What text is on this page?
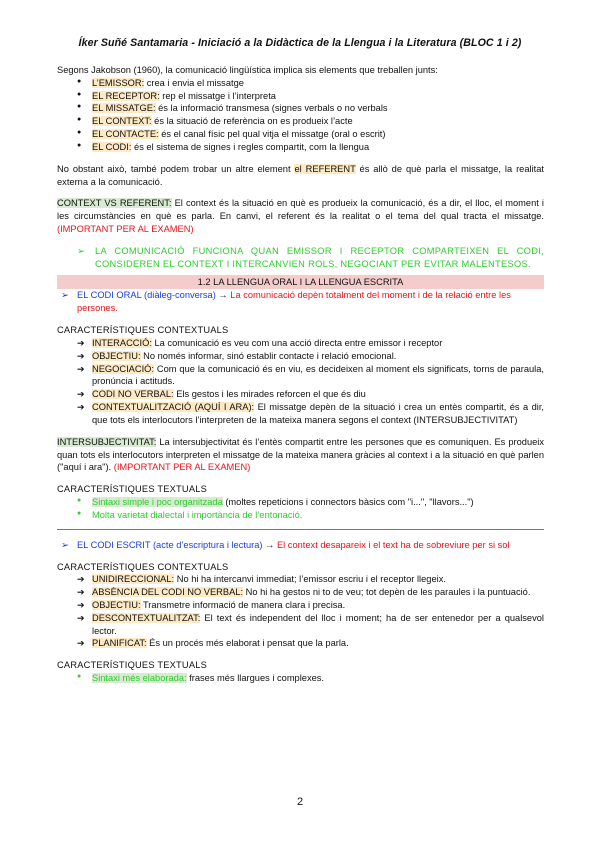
Íker Suñé Santamaria - Iniciació a la Didàctica de la Llengua i la Literatura (BLOC 1 i 2)

Segons Jakobson (1960), la comunicació lingüística implica sis elements que treballen junts:

● L’EMISSOR: crea i envia el missatge
● EL RECEPTOR: rep el missatge i l’interpreta
● EL MISSATGE: és la informació transmesa (signes verbals o no verbals
● EL CONTEXT: és la situació de referència on es produeix l’acte
● EL CONTACTE: és el canal físic pel qual vitja el missatge (oral o escrit)
● EL CODI: és el sistema de signes i regles compartit, com la llengua

No obstant això, també podem trobar un altre element el REFERENT és allò de què parla el missatge, la realitat externa a la comunicació.

CONTEXT VS REFERENT: El context és la situació en què es produeix la comunicació, és a dir, el lloc, el moment i les circumstàncies en què es parla. En canvi, el referent és la realitat o el tema del qual tracta el missatge. (IMPORTANT PER AL EXAMEN)

➢ LA COMUNICACIÓ FUNCIONA QUAN EMISSOR I RECEPTOR COMPARTEIXEN EL CODI, CONSIDEREN EL CONTEXT I INTERCANVIEN ROLS, NEGOCIANT PER EVITAR MALENTESOS.
1.2 LA LLENGUA ORAL I LA LLENGUA ESCRITA
➢ EL CODI ORAL (diàleg-conversa) → La comunicació depèn totalment del moment i de la relació entre les persones.

CARACTERÍSTIQUES CONTEXTUALS

➔ INTERACCIÓ: La comunicació es veu com una acció directa entre emissor i receptor
➔ OBJECTIU: No només informar, sinó establir contacte i relació emocional.
➔ NEGOCIACIÓ: Com que la comunicació és en viu, es decideixen al moment els significats, torns de paraula, pronúncia i actituds.
➔ CODI NO VERBAL: Els gestos i les mirades reforcen el que és diu
➔ CONTEXTUALITZACIÓ (AQUÍ I ARA): El missatge depèn de la situació i crea un entès compartit, és a dir, que tots els interlocutors l’interpreten de la mateixa manera segons el context (INTERSUBJECTIVITAT)

INTERSUBJECTIVITAT: La intersubjectivitat és l’entès compartit entre les persones que es comuniquen. Es produeix quan tots els interlocutors interpreten el missatge de la mateixa manera gràcies al context i a la situació en què parlen ("aquí i ara"). (IMPORTANT PER AL EXAMEN)

CARACTERÍSTIQUES TEXTUALS

● Sintaxi simple i poc organitzada (moltes repeticions i connectors bàsics com "i...", "llavors...")
● Molta varietat dialectal i importància de l’entonació.
➢ EL CODI ESCRIT (acte d’escriptura i lectura) → El context desapareix i el text ha de sobreviure per si sol

CARACTERÍSTIQUES CONTEXTUALS

➔ UNIDIRECCIONAL: No hi ha intercanvi immediat; l’emissor escriu i el receptor llegeix.
➔ ABSÈNCIA DEL CODI NO VERBAL: No hi ha gestos ni to de veu; tot depèn de les paraules i la puntuació.
➔ OBJECTIU: Transmetre informació de manera clara i precisa.
➔ DESCONTEXTUALITZAT: El text és independent del lloc i moment; ha de ser entenedor per a qualsevol lector.
➔ PLANIFICAT: És un procés més elaborat i pensat que la parla.

CARACTERÍSTIQUES TEXTUALS

● Sintaxi més elaborada: frases més llargues i complexes.
2
